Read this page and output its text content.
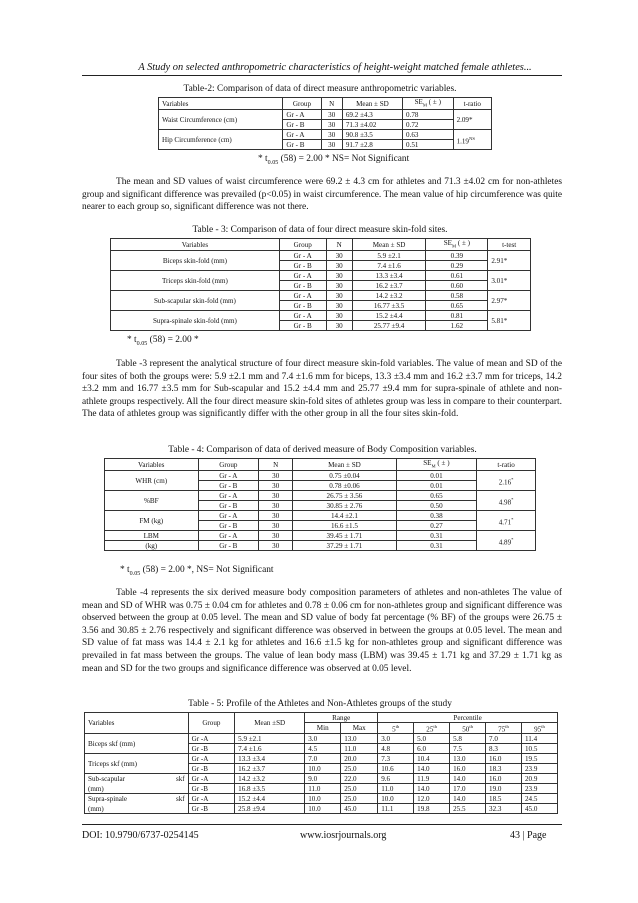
A Study on selected anthropometric characteristics of height-weight matched female athletes...
Table-2: Comparison of data of direct measure anthropometric variables.
Variables	Group	N	Mean ± SD	$SE_M$ ( ± )	t-ratio
Waist Circumference (cm)	Gr - A	30	69.2 ±4.3	0.78	2.09*
	Gr - B	30	71.3 ±4.02	0.72	
Hip Circumference (cm)	Gr - A	30	90.8 ±3.5	0.63	$1.19^{NS}$
	Gr - B	30	91.7 ±2.8	0.51	
* $t_{0.05}$ (58) = 2.00 * NS= Not Significant
The mean and SD values of waist circumference were 69.2 ± 4.3 cm for athletes and 71.3 ±4.02 cm for non-athletes group and significant difference was prevailed (p<0.05) in waist circumference. The mean value of hip circumference was quite nearer to each group so, significant difference was not there.
Table - 3: Comparison of data of four direct measure skin-fold sites.
Variables	Group	N	Mean ± SD	$SE_M$ ( ± )	t-test
Biceps skin-fold (mm)	Gr - A	30	5.9 ±2.1	0.39	2.91*
	Gr - B	30	7.4 ±1.6	0.29	
Triceps skin-fold (mm)	Gr - A	30	13.3 ±3.4	0.61	3.01*
	Gr - B	30	16.2 ±3.7	0.60	
Sub-scapular skin-fold (mm)	Gr - A	30	14.2 ±3.2	0.58	2.97*
	Gr - B	30	16.77 ±3.5	0.65	
Supra-spinale skin-fold (mm)	Gr - A	30	15.2 ±4.4	0.81	5.81*
	Gr - B	30	25.77 ±9.4	1.62	
* $t_{0.05}$ (58) = 2.00 *
Table -3 represent the analytical structure of four direct measure skin-fold variables. The value of mean and SD of the four sites of both the groups were: 5.9 ±2.1 mm and 7.4 ±1.6 mm for biceps, 13.3 ±3.4 mm and 16.2 ±3.7 mm for triceps, 14.2 ±3.2 mm and 16.77 ±3.5 mm for Sub-scapular and 15.2 ±4.4 mm and 25.77 ±9.4 mm for supra-spinale of athlete and non-athlete groups respectively. All the four direct measure skin-fold sites of athletes group was less in compare to their counterpart. The data of athletes group was significantly differ with the other group in all the four sites skin-fold.
Table - 4: Comparison of data of derived measure of Body Composition variables.
Variables	Group	N	Mean ± SD	$SE_M$ ( ± )	t-ratio
WHR (cm)	Gr - A	30	0.75 ±0.04	0.01	2.16*
	Gr - B	30	0.78 ±0.06	0.01	
%BF	Gr - A	30	26.75 ± 3.56	0.65	4.98*
	Gr - B	30	30.85 ± 2.76	0.50	
FM (kg)	Gr - A	30	14.4 ±2.1	0.38	4.71*
	Gr - B	30	16.6 ±1.5	0.27	
LBM	Gr - A	30	39.45 ± 1.71	0.31	4.89*
(kg)	Gr - B	30	37.29 ± 1.71	0.31	
* $t_{0.05}$ (58) = 2.00 *, NS= Not Significant
Table -4 represents the six derived measure body composition parameters of athletes and non-athletes The value of mean and SD of WHR was 0.75 ± 0.04 cm for athletes and 0.78 ± 0.06 cm for non-athletes group and significant difference was observed between the group at 0.05 level. The mean and SD value of body fat percentage (% BF) of the groups were 26.75 ± 3.56 and 30.85 ± 2.76 respectively and significant difference was observed in between the groups at 0.05 level. The mean and SD value of fat mass was 14.4 ± 2.1 kg for athletes and 16.6 ±1.5 kg for non-athletes group and significant difference was prevailed in fat mass between the groups. The value of lean body mass (LBM) was 39.45 ± 1.71 kg and 37.29 ± 1.71 kg as mean and SD for the two groups and significance difference was observed at 0.05 level.
Table - 5: Profile of the Athletes and Non-Athletes groups of the study
Variables	Group	Mean ±SD	Range		Percentile				
			Min	Max	5th	25th	50th	75th	95th
Biceps skf (mm)	Gr -A	5.9 ±2.1	3.0	13.0	3.0	5.0	5.8	7.0	11.4
	Gr -B	7.4 ±1.6	4.5	11.0	4.8	6.0	7.5	8.3	10.5
Triceps skf (mm)	Gr -A	13.3 ±3.4	7.0	20.0	7.3	10.4	13.0	16.0	19.5
	Gr -B	16.2 ±3.7	10.0	25.0	10.6	14.0	16.0	18.3	23.9
Sub-scapular skf	Gr -A	14.2 ±3.2	9.0	22.0	9.6	11.9	14.0	16.0	20.9
(mm)	Gr -B	16.8 ±3.5	11.0	25.0	11.0	14.0	17.0	19.0	23.9
Supra-spinale skf	Gr -A	15.2 ±4.4	10.0	25.0	10.0	12.0	14.0	18.5	24.5
(mm)	Gr -B	25.8 ±9.4	10.0	45.0	11.1	19.8	25.5	32.3	45.0
DOI: 10.9790/6737-0254145	www.iosrjournals.org	43 | Page
